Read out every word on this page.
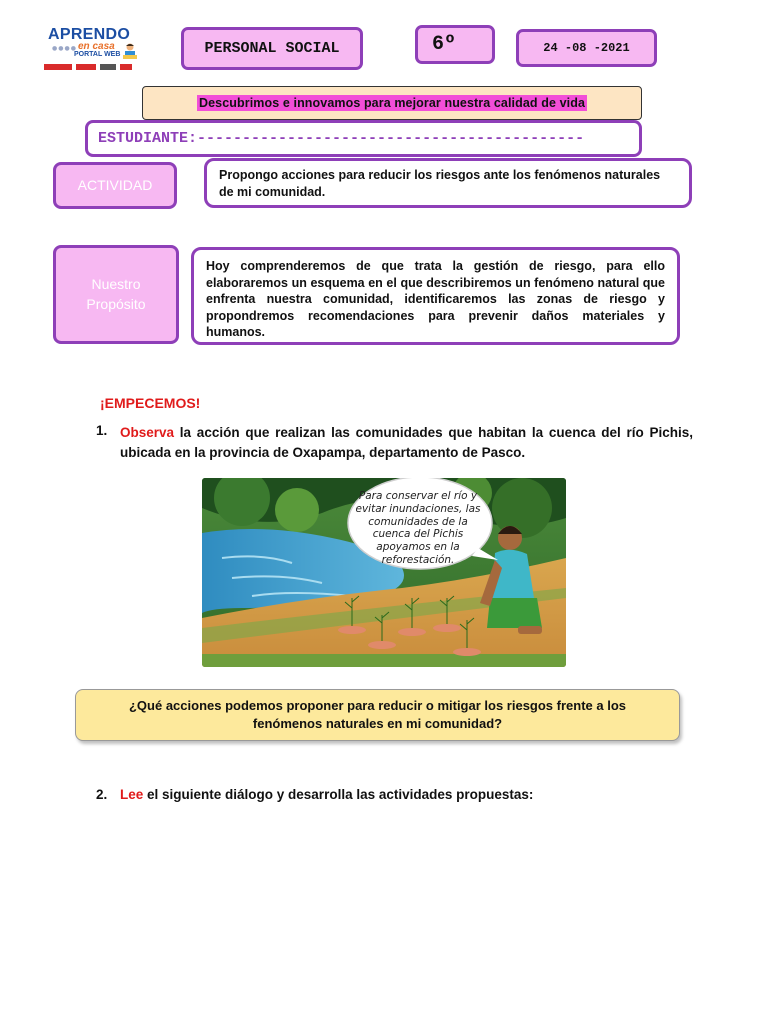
APRENDO
●●●● en casa
PORTAL WEB	PERSONAL SOCIAL	6º	24 -08 -2021
Descubrimos e innovamos para mejorar nuestra calidad de vida
ESTUDIANTE: -------------------------------------------
ACTIVIDAD
Propongo acciones para reducir los riesgos ante los fenómenos naturales de mi comunidad.
Nuestro
Propósito
Hoy comprenderemos de que trata la gestión de riesgo, para ello elaboraremos un esquema en el que describiremos un fenómeno natural que enfrenta nuestra comunidad, identificaremos las zonas de riesgo y propondremos recomendaciones para prevenir daños materiales y humanos.
¡EMPECEMOS!
1. Observa la acción que realizan las comunidades que habitan la cuenca del río Pichis, ubicada en la provincia de Oxapampa, departamento de Pasco.
Para conservar el río y evitar inundaciones, las comunidades de la cuenca del Pichis apoyamos en la reforestación.
¿Qué acciones podemos proponer para reducir o mitigar los riesgos frente a los fenómenos naturales en mi comunidad?
2. Lee el siguiente diálogo y desarrolla las actividades propuestas:
